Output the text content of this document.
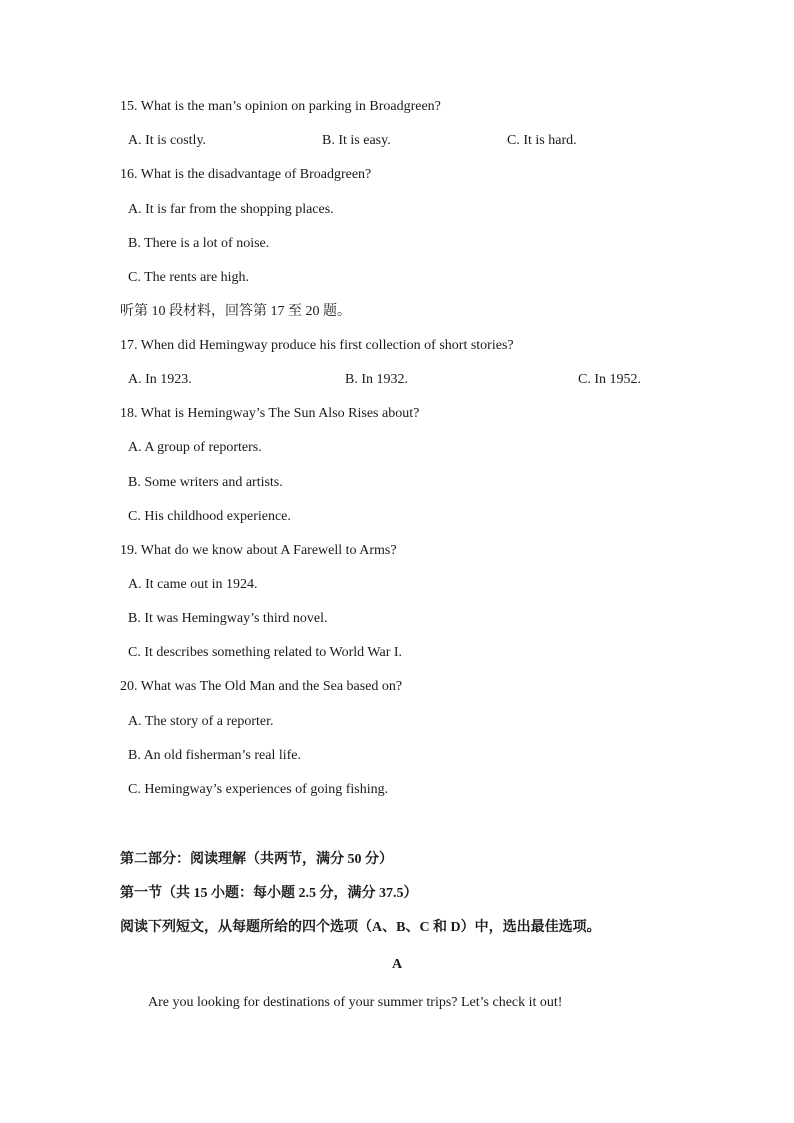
15. What is the man’s opinion on parking in Broadgreen?
A. It is costly.	B. It is easy.	C. It is hard.
16. What is the disadvantage of Broadgreen?
A. It is far from the shopping places.
B. There is a lot of noise.
C. The rents are high.
听第 10 段材料，回答第 17 至 20 题。
17. When did Hemingway produce his first collection of short stories?
A. In 1923.	B. In 1932.	C. In 1952.
18. What is Hemingway’s The Sun Also Rises about?
A. A group of reporters.
B. Some writers and artists.
C. His childhood experience.
19. What do we know about A Farewell to Arms?
A. It came out in 1924.
B. It was Hemingway’s third novel.
C. It describes something related to World War I.
20. What was The Old Man and the Sea based on?
A. The story of a reporter.
B. An old fisherman’s real life.
C. Hemingway’s experiences of going fishing.
第二部分：阅读理解（共两节，满分 50 分）
第一节（共 15 小题：每小题 2.5 分，满分 37.5）
阅读下列短文，从每题所给的四个选项（A、B、C 和 D）中，选出最佳选项。
A
Are you looking for destinations of your summer trips? Let’s check it out!
